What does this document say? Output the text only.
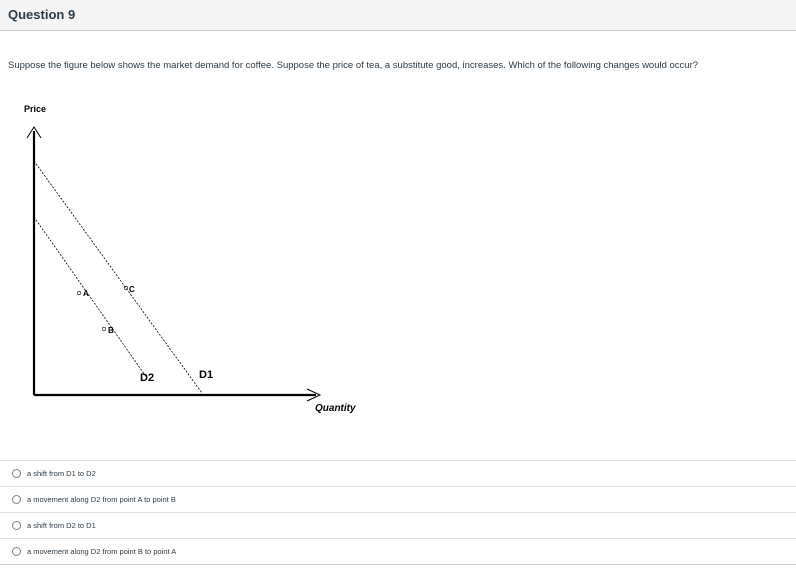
Question 9
Suppose the figure below shows the market demand for coffee. Suppose the price of tea, a substitute good, increases. Which of the following changes would occur?
Price
Quantity
D1
D2
A
B
C
a shift from D1 to D2
a movement along D2 from point A to point B
a shift from D2 to D1
a movement along D2 from point B to point A
